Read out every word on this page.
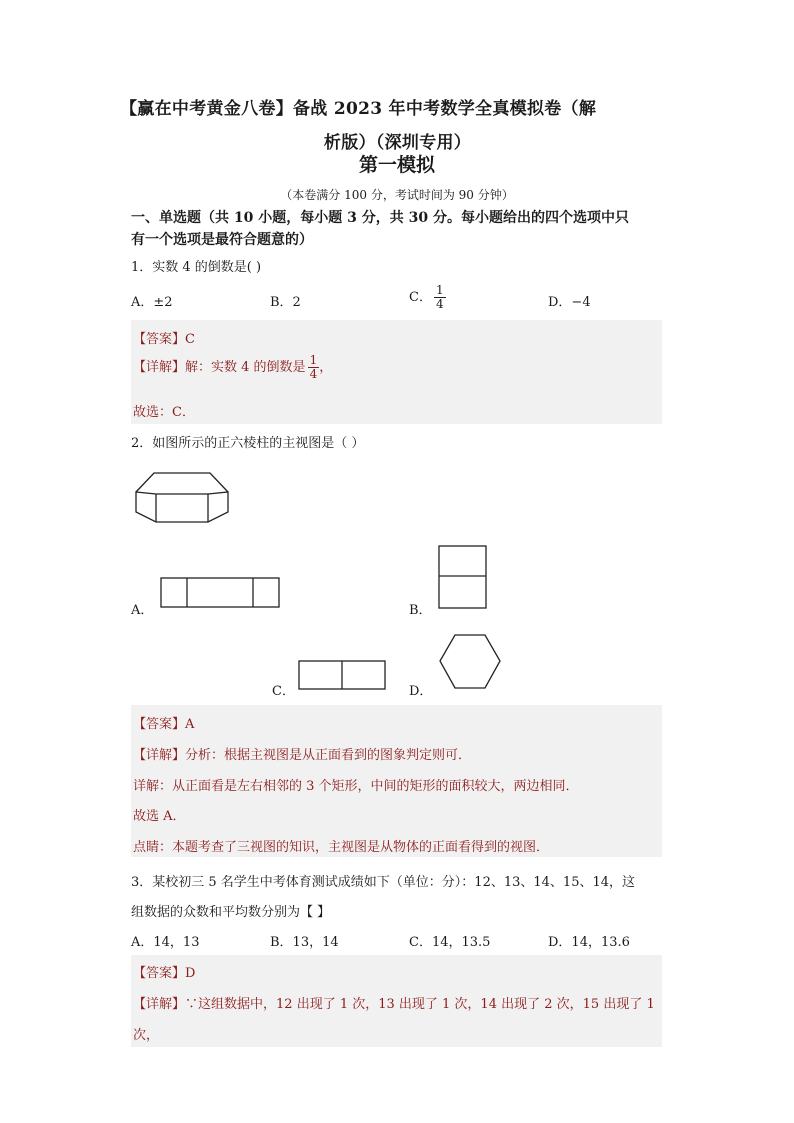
【赢在中考黄金八卷】备战 2023 年中考数学全真模拟卷（解
析版）（深圳专用）
第一模拟
（本卷满分 100 分，考试时间为 90 分钟）
一、单选题（共 10 小题，每小题 3 分，共 30 分。每小题给出的四个选项中只
有一个选项是最符合题意的）
1．实数 4 的倒数是( )
A．±2	B．2	C． $\frac{1}{4}$	D．−4
【答案】C
【详解】解：实数 4 的倒数是 $\frac{1}{4}$ ，
故选：C．
2．如图所示的正六棱柱的主视图是（ ）
A．	B．
C．	D．
【答案】A
【详解】分析：根据主视图是从正面看到的图象判定则可．
详解：从正面看是左右相邻的 3 个矩形，中间的矩形的面积较大，两边相同．
故选 A．
点睛：本题考查了三视图的知识，主视图是从物体的正面看得到的视图．
3．某校初三 5 名学生中考体育测试成绩如下（单位：分）：12、13、14、15、14，这
组数据的众数和平均数分别为【 】
A．14，13	B．13，14	C．14，13.5	D．14，13.6
【答案】D
【详解】∵这组数据中，12 出现了 1 次，13 出现了 1 次，14 出现了 2 次，15 出现了 1
次，
